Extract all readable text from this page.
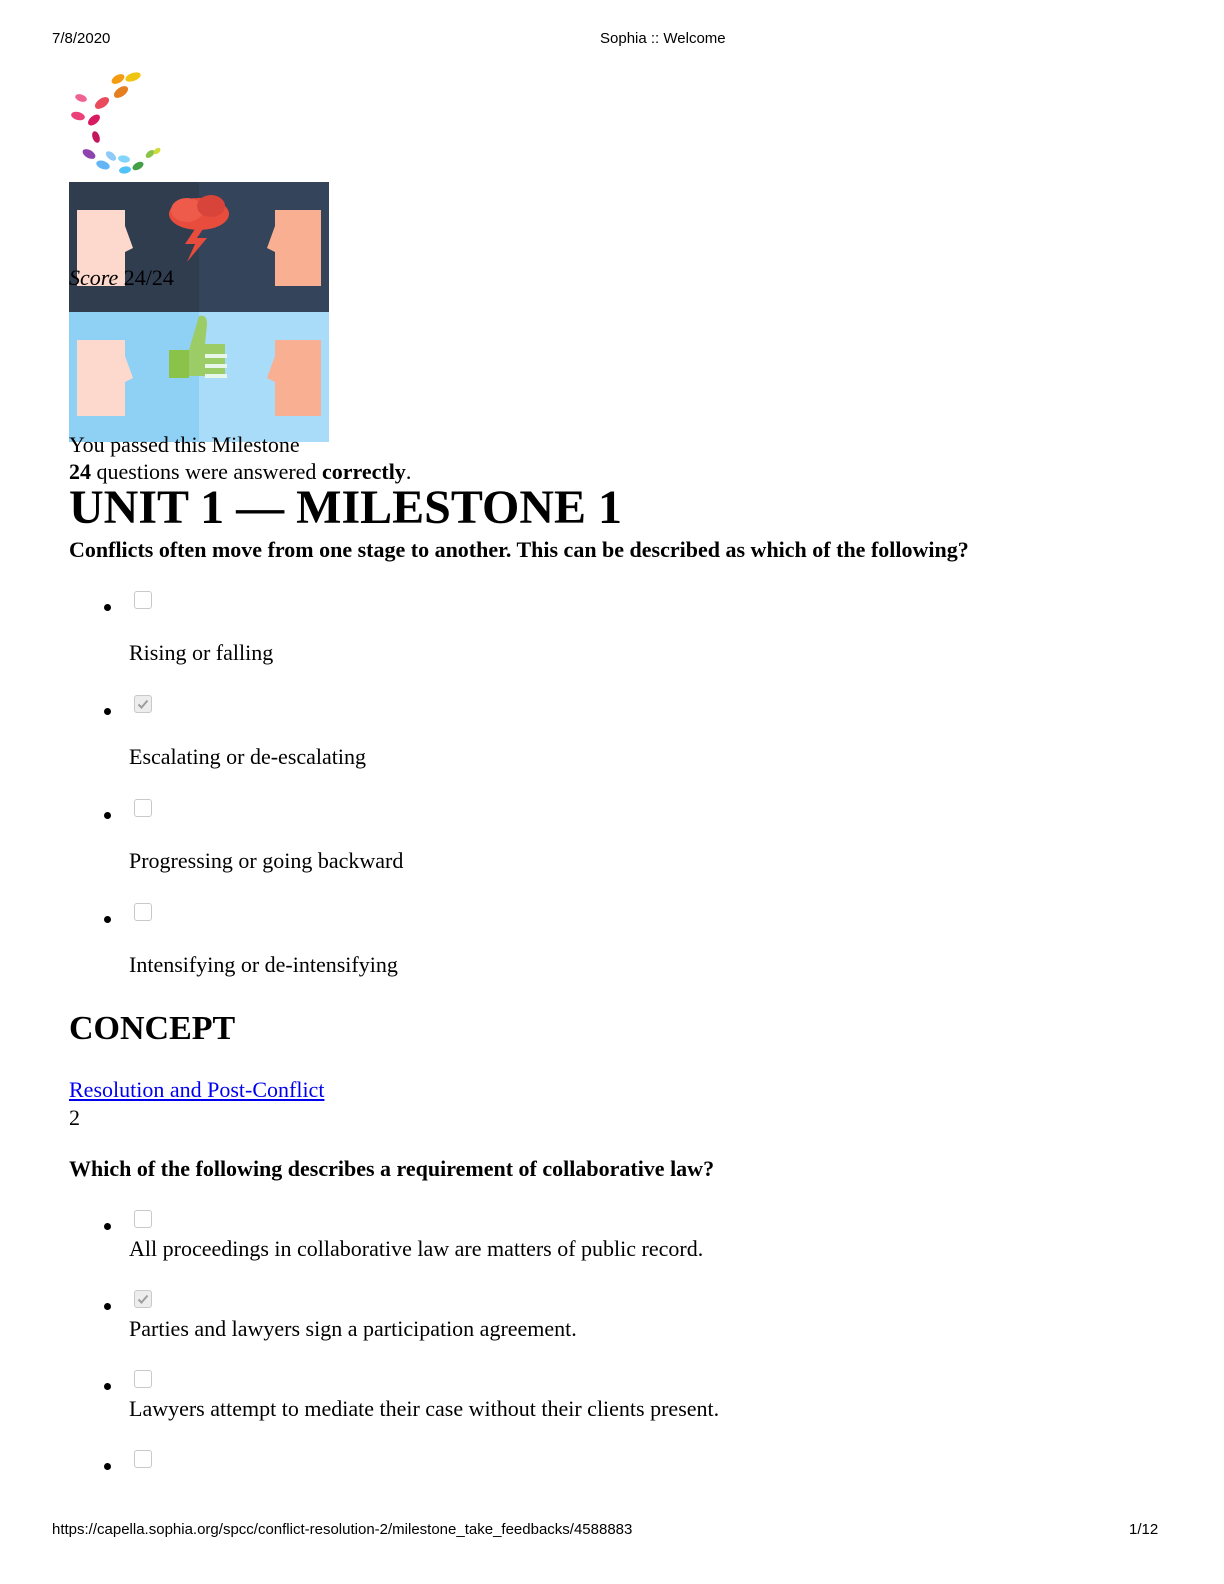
7/8/2020	Sophia :: Welcome
Score 24/24
You passed this Milestone
24 questions were answered correctly.
UNIT 1 — MILESTONE 1
Conflicts often move from one stage to another. This can be described as which of the following?
Rising or falling
Escalating or de-escalating
Progressing or going backward
Intensifying or de-intensifying
CONCEPT
Resolution and Post-Conflict
2
Which of the following describes a requirement of collaborative law?
All proceedings in collaborative law are matters of public record.
Parties and lawyers sign a participation agreement.
Lawyers attempt to mediate their case without their clients present.
https://capella.sophia.org/spcc/conflict-resolution-2/milestone_take_feedbacks/4588883	1/12
